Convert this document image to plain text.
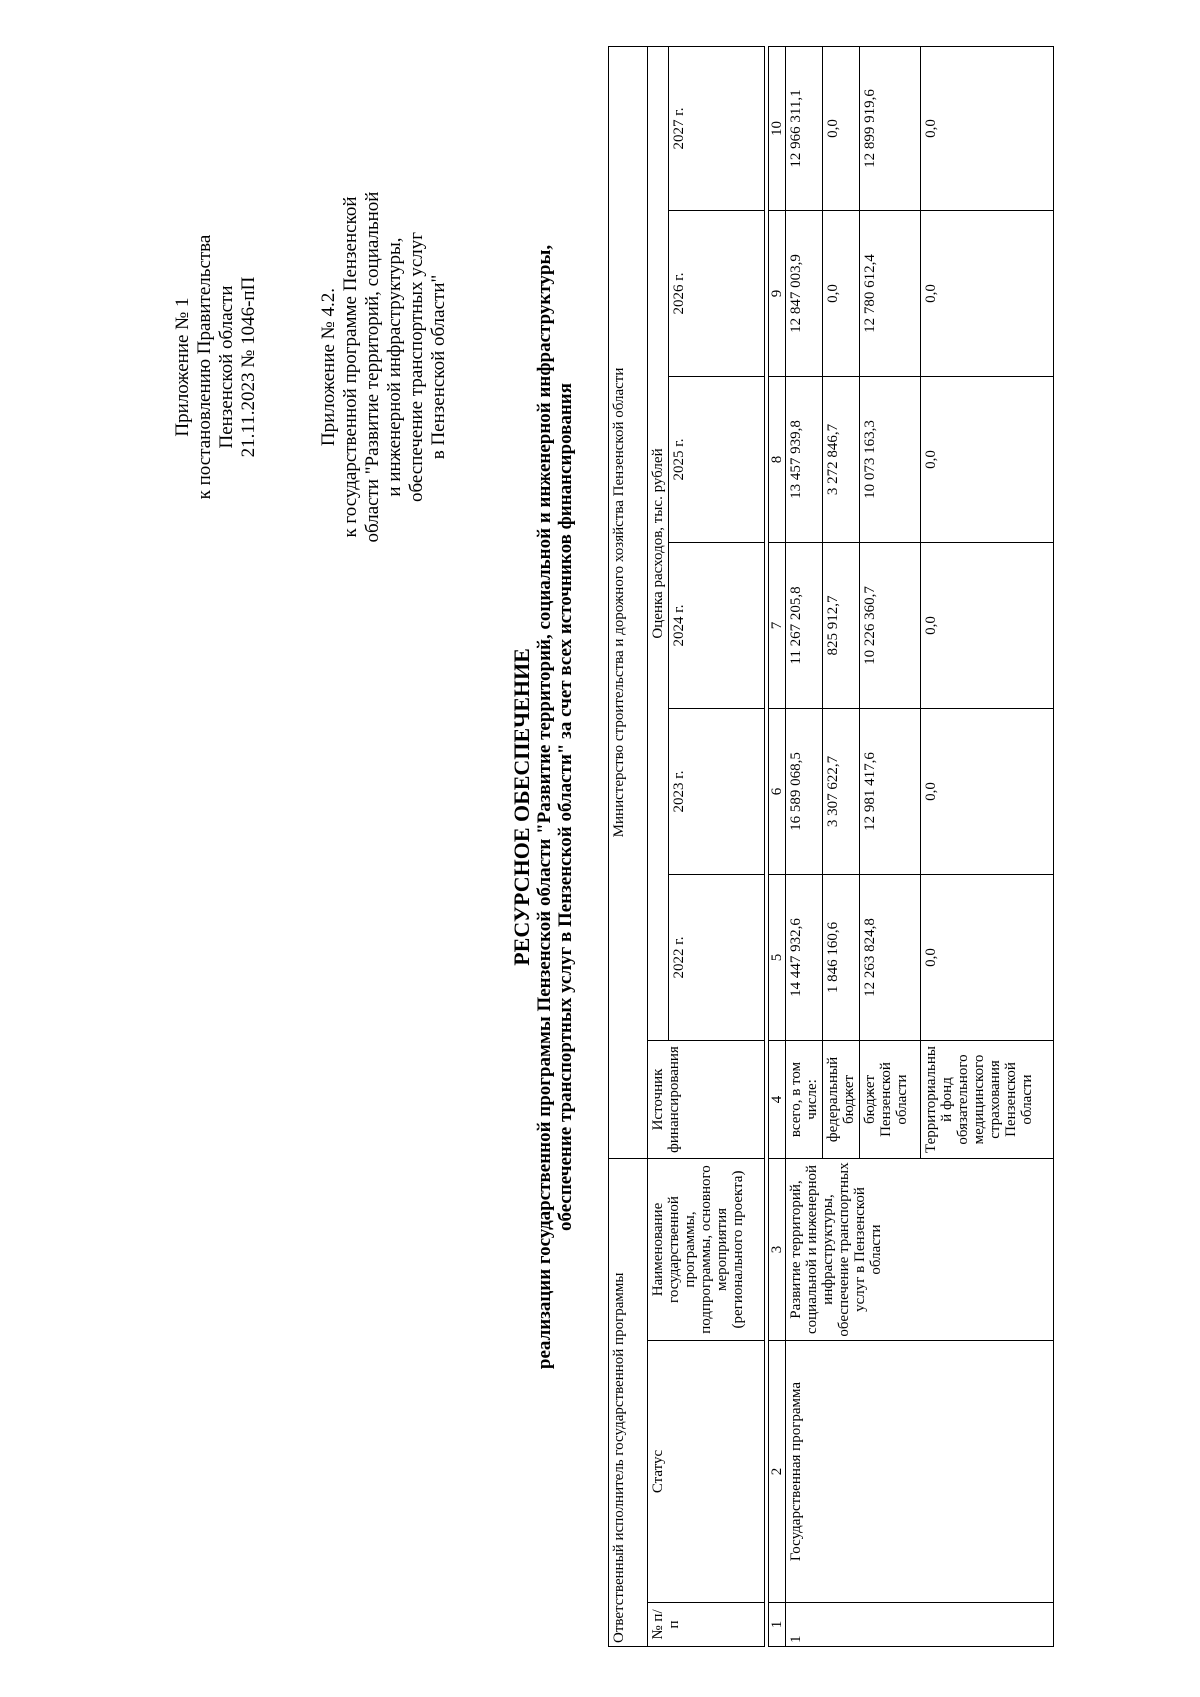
Приложение № 1 к постановлению Правительства Пензенской области 21.11.2023 № 1046-пП	Приложение № 4.2. к государственной программе Пензенской области "Развитие территорий, социальной и инженерной инфраструктуры, обеспечение транспортных услуг в Пензенской области"
РЕСУРСНОЕ ОБЕСПЕЧЕНИЕ реализации государственной программы Пензенской области "Развитие территорий, социальной и инженерной инфраструктуры, обеспечение транспортных услуг в Пензенской области" за счет всех источников финансирования
Ответственный исполнитель государственной программы			Министерство строительства и дорожного хозяйства Пензенской области						
№ п/п	Статус	Наименование государственной программы, подпрограммы, основного мероприятия (регионального проекта)	Источник финансирования	Оценка расходов, тыс. рублей					
				2022 г.	2023 г.	2024 г.	2025 г.	2026 г.	2027 г.

1	2	3	4	5	6	7	8	9	10
1	Государственная программа	Развитие территорий, социальной и инженерной инфраструктуры, обеспечение транспортных услуг в Пензенской области	всего, в том числе:	14 447 932,6	16 589 068,5	11 267 205,8	13 457 939,8	12 847 003,9	12 966 311,1
			федеральный бюджет	1 846 160,6	3 307 622,7	825 912,7	3 272 846,7	0,0	0,0
			бюджет Пензенской области	12 263 824,8	12 981 417,6	10 226 360,7	10 073 163,3	12 780 612,4	12 899 919,6
			Территориальный фонд обязательного медицинского страхования Пензенской области	0,0	0,0	0,0	0,0	0,0	0,0
